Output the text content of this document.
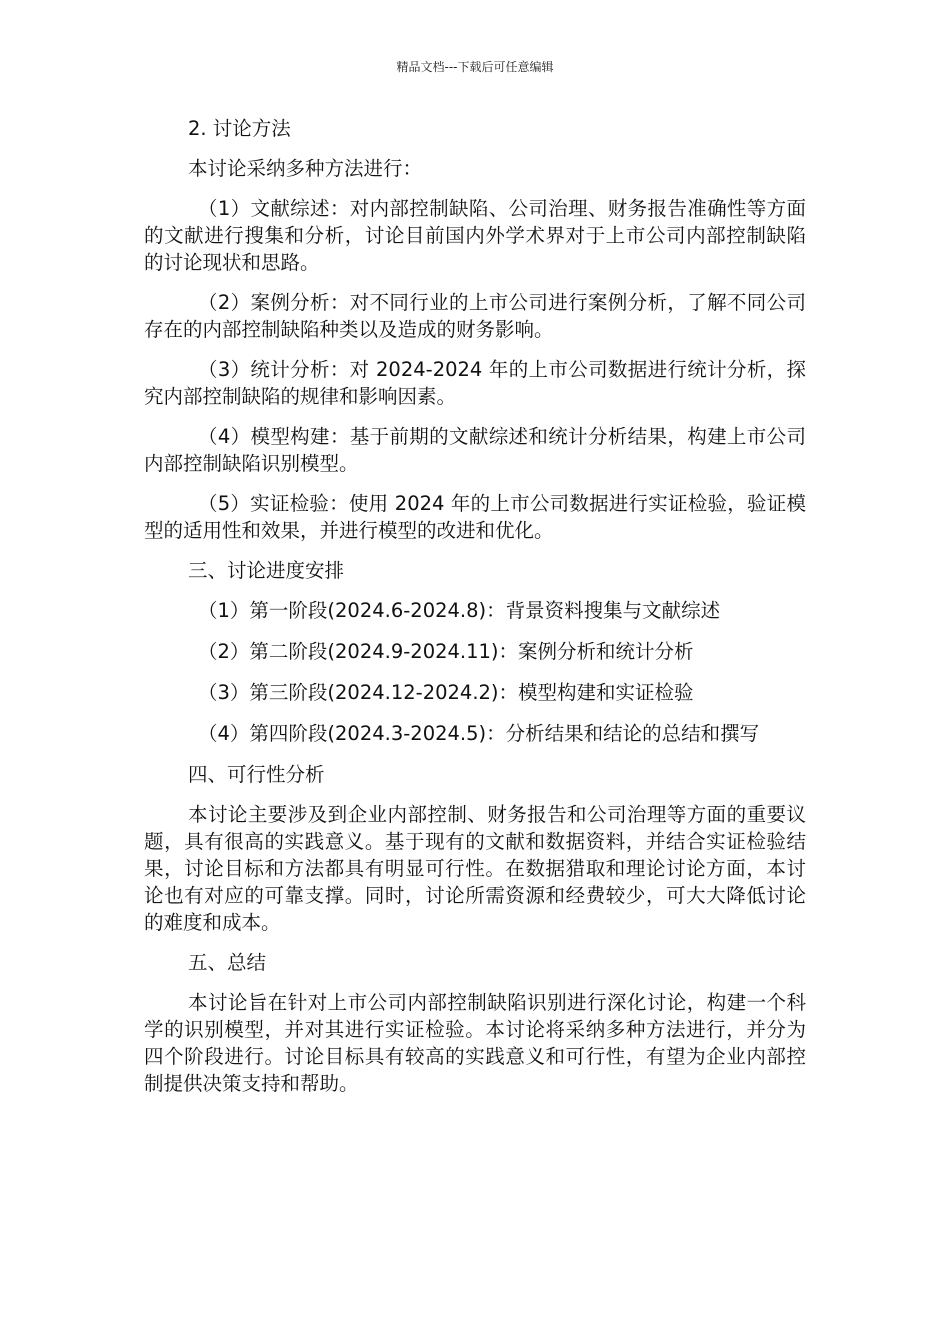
精品文档---下载后可任意编辑

2. 讨论方法

本讨论采纳多种方法进行：

（1）文献综述：对内部控制缺陷、公司治理、财务报告准确性等方面的文献进行搜集和分析，讨论目前国内外学术界对于上市公司内部控制缺陷的讨论现状和思路。

（2）案例分析：对不同行业的上市公司进行案例分析，了解不同公司存在的内部控制缺陷种类以及造成的财务影响。

（3）统计分析：对 2024-2024 年的上市公司数据进行统计分析，探究内部控制缺陷的规律和影响因素。

（4）模型构建：基于前期的文献综述和统计分析结果，构建上市公司内部控制缺陷识别模型。

（5）实证检验：使用 2024 年的上市公司数据进行实证检验，验证模型的适用性和效果，并进行模型的改进和优化。

三、讨论进度安排

（1）第一阶段(2024.6-2024.8)：背景资料搜集与文献综述

（2）第二阶段(2024.9-2024.11)：案例分析和统计分析

（3）第三阶段(2024.12-2024.2)：模型构建和实证检验

（4）第四阶段(2024.3-2024.5)：分析结果和结论的总结和撰写

四、可行性分析

本讨论主要涉及到企业内部控制、财务报告和公司治理等方面的重要议题，具有很高的实践意义。基于现有的文献和数据资料，并结合实证检验结果，讨论目标和方法都具有明显可行性。在数据猎取和理论讨论方面，本讨论也有对应的可靠支撑。同时，讨论所需资源和经费较少，可大大降低讨论的难度和成本。

五、总结

本讨论旨在针对上市公司内部控制缺陷识别进行深化讨论，构建一个科学的识别模型，并对其进行实证检验。本讨论将采纳多种方法进行，并分为四个阶段进行。讨论目标具有较高的实践意义和可行性，有望为企业内部控制提供决策支持和帮助。
